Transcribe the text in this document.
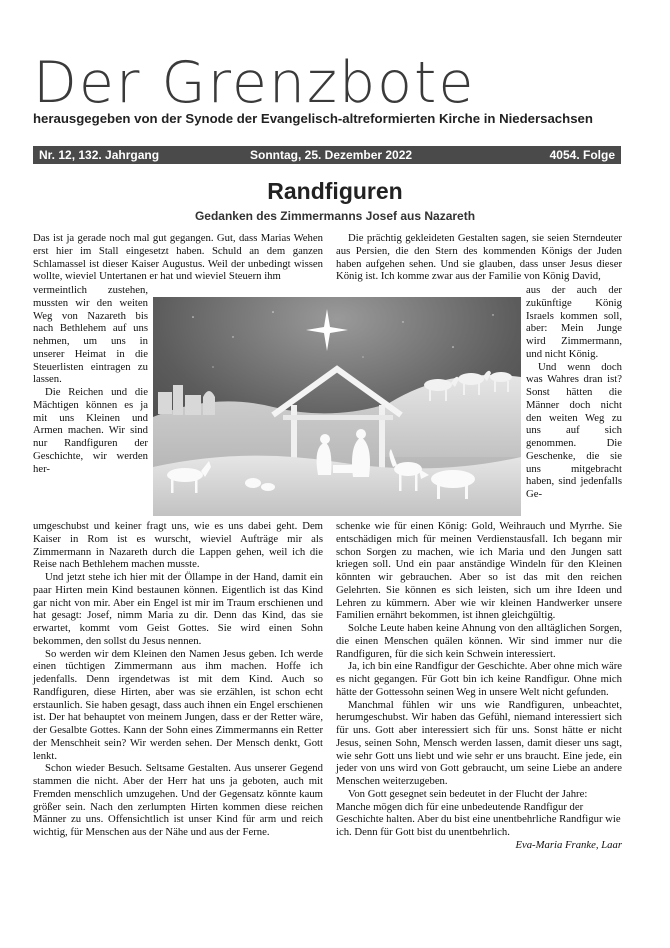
Der Grenzbote
herausgegeben von der Synode der Evangelisch-altreformierten Kirche in Niedersachsen
Nr. 12, 132. Jahrgang	Sonntag, 25. Dezember 2022	4054. Folge
Randfiguren
Gedanken des Zimmermanns Josef aus Nazareth

Das ist ja gerade noch mal gut gegangen. Gut, dass Marias Wehen erst hier im Stall eingesetzt haben. Schuld an dem ganzen Schlamassel ist dieser Kaiser Augustus. Weil der unbedingt wissen wollte, wieviel Untertanen er hat und wieviel Steuern ihm

vermeintlich zustehen, mussten wir den weiten Weg von Nazareth bis nach Bethlehem auf uns nehmen, um uns in unserer Heimat in die Steuerlisten eintragen zu lassen.

Die Reichen und die Mächtigen können es ja mit uns Kleinen und Armen machen. Wir sind nur Randfiguren der Geschichte, wir werden her-

umgeschubst und keiner fragt uns, wie es uns dabei geht. Dem Kaiser in Rom ist es wurscht, wieviel Aufträge mir als Zimmermann in Nazareth durch die Lappen gehen, weil ich die Reise nach Bethlehem machen musste.

Und jetzt stehe ich hier mit der Öllampe in der Hand, damit ein paar Hirten mein Kind bestaunen können. Eigentlich ist das Kind gar nicht von mir. Aber ein Engel ist mir im Traum erschienen und hat gesagt: Josef, nimm Maria zu dir. Denn das Kind, das sie erwartet, kommt vom Geist Gottes. Sie wird einen Sohn bekommen, den sollst du Jesus nennen.

So werden wir dem Kleinen den Namen Jesus geben. Ich werde einen tüchtigen Zimmermann aus ihm machen. Hoffe ich jedenfalls. Denn irgendetwas ist mit dem Kind. Auch so Randfiguren, diese Hirten, aber was sie erzählen, ist schon echt erstaunlich. Sie haben gesagt, dass auch ihnen ein Engel erschienen ist. Der hat behauptet von meinem Jungen, dass er der Retter wäre, der Gesalbte Gottes. Kann der Sohn eines Zimmermanns ein Retter der Menschheit sein? Wir werden sehen. Der Mensch denkt, Gott lenkt.

Schon wieder Besuch. Seltsame Gestalten. Aus unserer Gegend stammen die nicht. Aber der Herr hat uns ja geboten, auch mit Fremden menschlich umzugehen. Und der Gegensatz könnte kaum größer sein. Nach den zerlumpten Hirten kommen diese reichen Männer zu uns. Offensichtlich ist unser Kind für arm und reich wichtig, für Menschen aus der Nähe und aus der Ferne.

Die prächtig gekleideten Gestalten sagen, sie seien Sterndeuter aus Persien, die den Stern des kommenden Königs der Juden haben aufgehen sehen. Und sie glauben, dass unser Jesus dieser König ist. Ich komme zwar aus der Familie von König David,

aus der auch der zukünftige König Israels kommen soll, aber: Mein Junge wird Zimmermann, und nicht König.

Und wenn doch was Wahres dran ist? Sonst hätten die Männer doch nicht den weiten Weg zu uns auf sich genommen. Die Geschenke, die sie uns mitgebracht haben, sind jedenfalls Ge-

schenke wie für einen König: Gold, Weihrauch und Myrrhe. Sie entschädigen mich für meinen Verdienstausfall. Ich begann mir schon Sorgen zu machen, wie ich Maria und den Jungen satt kriegen soll. Und ein paar anständige Windeln für den Kleinen könnten wir gebrauchen. Aber so ist das mit den reichen Gelehrten. Sie können es sich leisten, sich um ihre Ideen und Lehren zu kümmern. Aber wie wir kleinen Handwerker unsere Familien ernährt bekommen, ist ihnen gleichgültig.

Solche Leute haben keine Ahnung von den alltäglichen Sorgen, die einen Menschen quälen können. Wir sind immer nur die Randfiguren, für die sich kein Schwein interessiert.

Ja, ich bin eine Randfigur der Geschichte. Aber ohne mich wäre es nicht gegangen. Für Gott bin ich keine Randfigur. Ohne mich hätte der Gottessohn seinen Weg in unsere Welt nicht gefunden.

Manchmal fühlen wir uns wie Randfiguren, unbeachtet, herumgeschubst. Wir haben das Gefühl, niemand interessiert sich für uns. Gott aber interessiert sich für uns. Sonst hätte er nicht Jesus, seinen Sohn, Mensch werden lassen, damit dieser uns sagt, wie sehr Gott uns liebt und wie sehr er uns braucht. Eine jede, ein jeder von uns wird von Gott gebraucht, um seine Liebe an andere Menschen weiterzugeben.

Von Gott gesegnet sein bedeutet in der Flucht der Jahre: Manche mögen dich für eine unbedeutende Randfigur der Geschichte halten. Aber du bist eine unentbehrliche Randfigur wie ich. Denn für Gott bist du unentbehrlich.
Eva-Maria Franke, Laar
